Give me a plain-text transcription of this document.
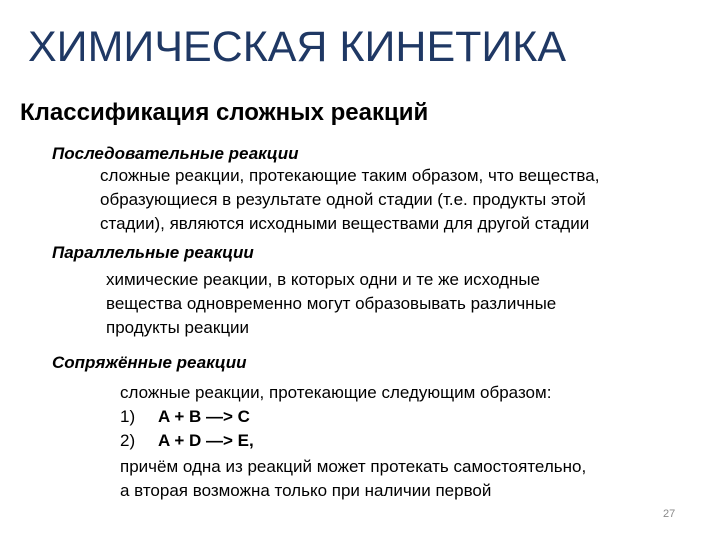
ХИМИЧЕСКАЯ КИНЕТИКА
Классификация сложных реакций
Последовательные реакции
сложные реакции, протекающие таким образом, что вещества,
образующиеся в результате одной стадии (т.е. продукты этой
стадии), являются исходными веществами для другой стадии
Параллельные реакции
химические реакции, в которых одни и те же исходные
вещества одновременно могут образовывать различные
продукты реакции
Сопряжённые реакции
сложные реакции, протекающие следующим образом:
1) A + B —> C
2) A + D —> E,
причём одна из реакций может протекать самостоятельно,
а вторая возможна только при наличии первой
27
